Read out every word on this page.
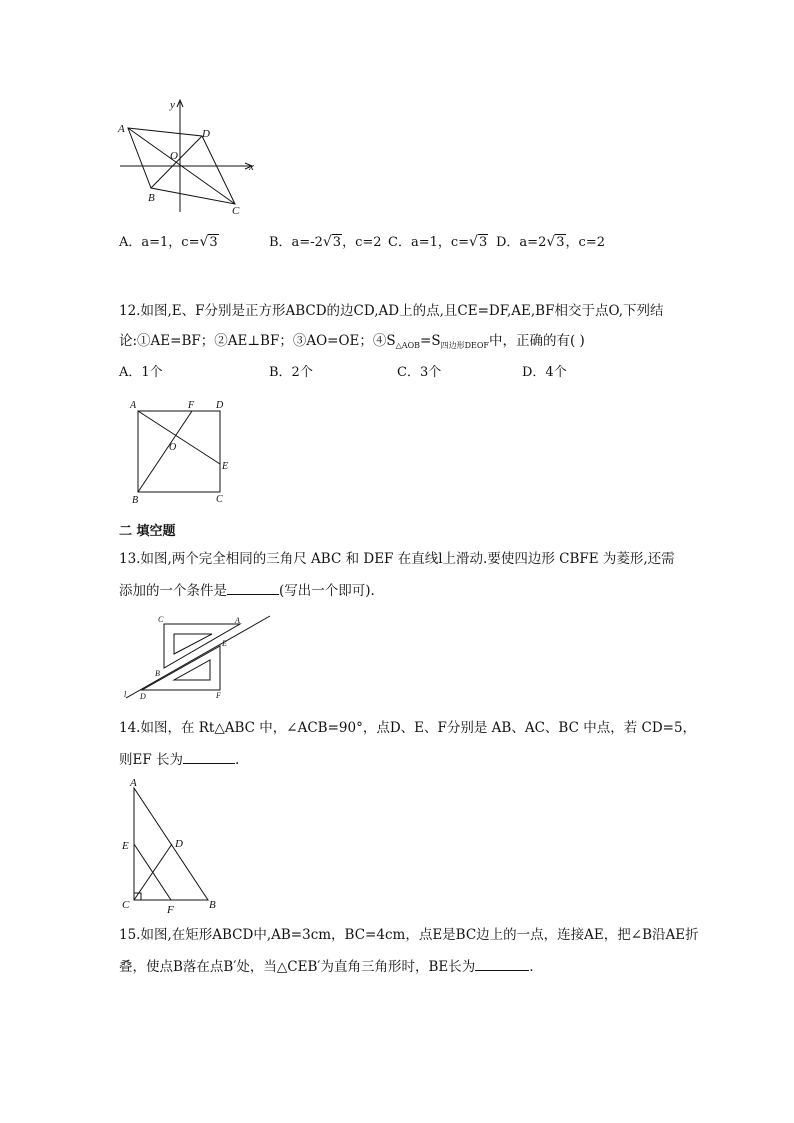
y
x
A	D
O
B
C
A．a=1，c=√3	B．a=-2√3，c=2 C．a=1，c=√3 D．a=2√3，c=2
12.如图,E、F分别是正方形ABCD的边CD,AD上的点,且CE=DF,AE,BF相交于点O,下列结
论:①AE=BF；②AE⊥BF；③AO=OE；$④S_{\triangle AOB}=S_{四边形DEOF}$中，正确的有( )
A．1个	B．2个	C．3个	D．4个
A	F D
O
E
B	C
二 填空题
13.如图,两个完全相同的三角尺 ABC 和 DEF 在直线l上滑动.要使四边形 CBFE 为菱形,还需
添加的一个条件是	(写出一个即可).
C	A
E
B
l D	F
14.如图，在 Rt△ABC 中，∠ACB=90°，点D、E、F分别是 AB、AC、BC 中点，若 CD=5，
则EF 长为	.
A
E	D
C	F	B
15.如图,在矩形ABCD中,AB=3cm，BC=4cm，点E是BC边上的一点，连接AE，把∠B沿AE折
叠，使点B落在点B′处，当△CEB′为直角三角形时，BE长为	.
